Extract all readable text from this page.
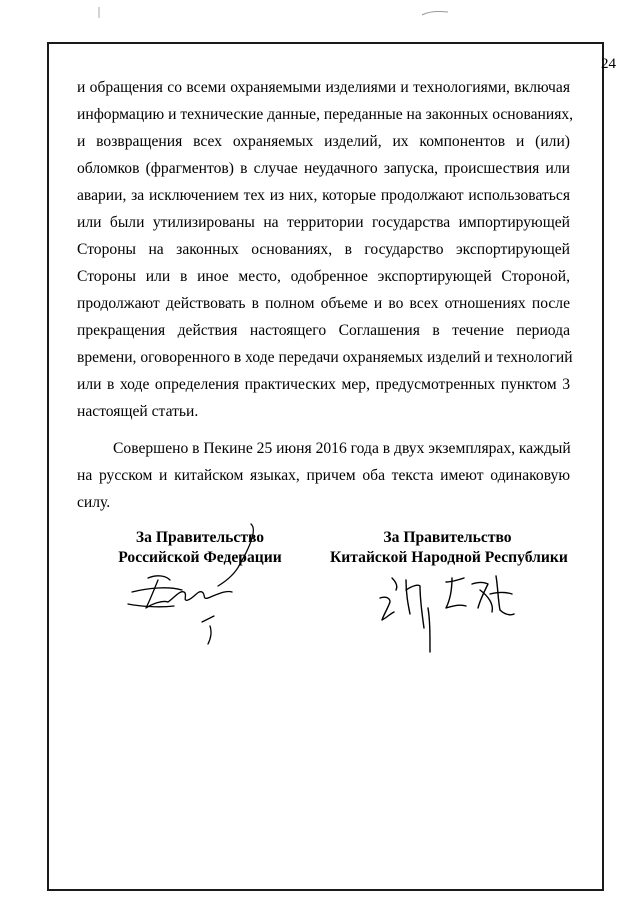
24

и обращения со всеми охраняемыми изделиями и технологиями, включая
информацию и технические данные, переданные на законных основаниях,
и возвращения всех охраняемых изделий, их компонентов и (или)
обломков (фрагментов) в случае неудачного запуска, происшествия или
аварии, за исключением тех из них, которые продолжают использоваться
или были утилизированы на территории государства импортирующей
Стороны на законных основаниях, в государство экспортирующей
Стороны или в иное место, одобренное экспортирующей Стороной,
продолжают действовать в полном объеме и во всех отношениях после
прекращения действия настоящего Соглашения в течение периода
времени, оговоренного в ходе передачи охраняемых изделий и технологий
или в ходе определения практических мер, предусмотренных пунктом 3
настоящей статьи.

Совершено в Пекине 25 июня 2016 года в двух экземплярах, каждый
на русском и китайском языках, причем оба текста имеют одинаковую
силу.

За Правительство
Российской Федерации
За Правительство
Китайской Народной Республики
